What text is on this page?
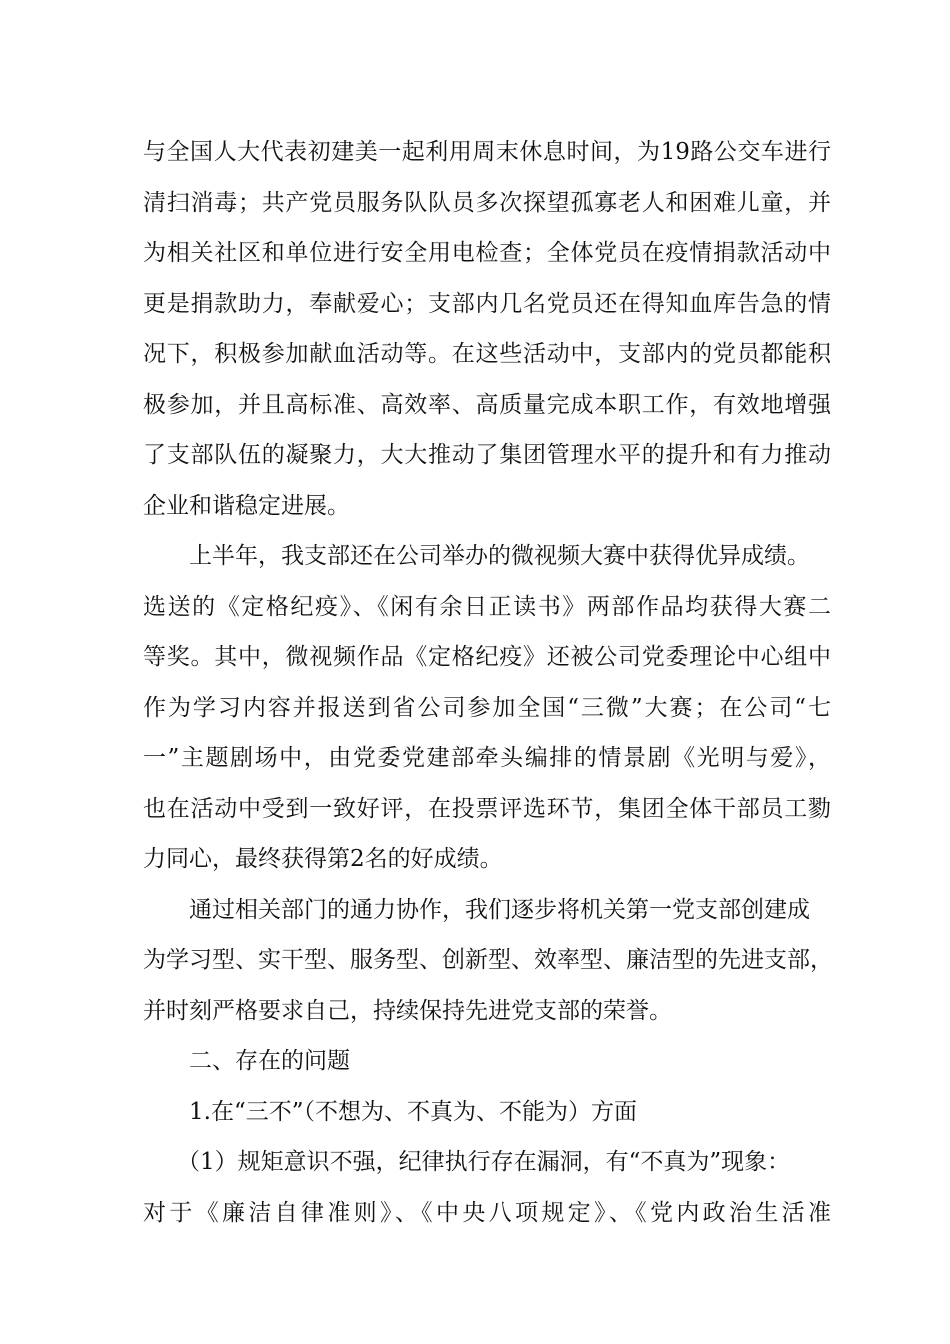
与全国人大代表初建美一起利用周末休息时间，为19路公交车进行
清扫消毒；共产党员服务队队员多次探望孤寡老人和困难儿童，并
为相关社区和单位进行安全用电检查；全体党员在疫情捐款活动中
更是捐款助力，奉献爱心；支部内几名党员还在得知血库告急的情
况下，积极参加献血活动等。在这些活动中，支部内的党员都能积
极参加，并且高标准、高效率、高质量完成本职工作，有效地增强
了支部队伍的凝聚力，大大推动了集团管理水平的提升和有力推动
企业和谐稳定进展。
上半年，我支部还在公司举办的微视频大赛中获得优异成绩。
选送的《定格纪疫》、《闲有余日正读书》两部作品均获得大赛二
等奖。其中，微视频作品《定格纪疫》还被公司党委理论中心组中
作为学习内容并报送到省公司参加全国“三微”大赛；在公司“七
一”主题剧场中，由党委党建部牵头编排的情景剧《光明与爱》，
也在活动中受到一致好评，在投票评选环节，集团全体干部员工勠
力同心，最终获得第2名的好成绩。
通过相关部门的通力协作，我们逐步将机关第一党支部创建成
为学习型、实干型、服务型、创新型、效率型、廉洁型的先进支部，
并时刻严格要求自己，持续保持先进党支部的荣誉。
二、存在的问题
1.在“三不”（不想为、不真为、不能为）方面
（1）规矩意识不强，纪律执行存在漏洞，有“不真为”现象：
对于《廉洁自律准则》、《中央八项规定》、《党内政治生活准
